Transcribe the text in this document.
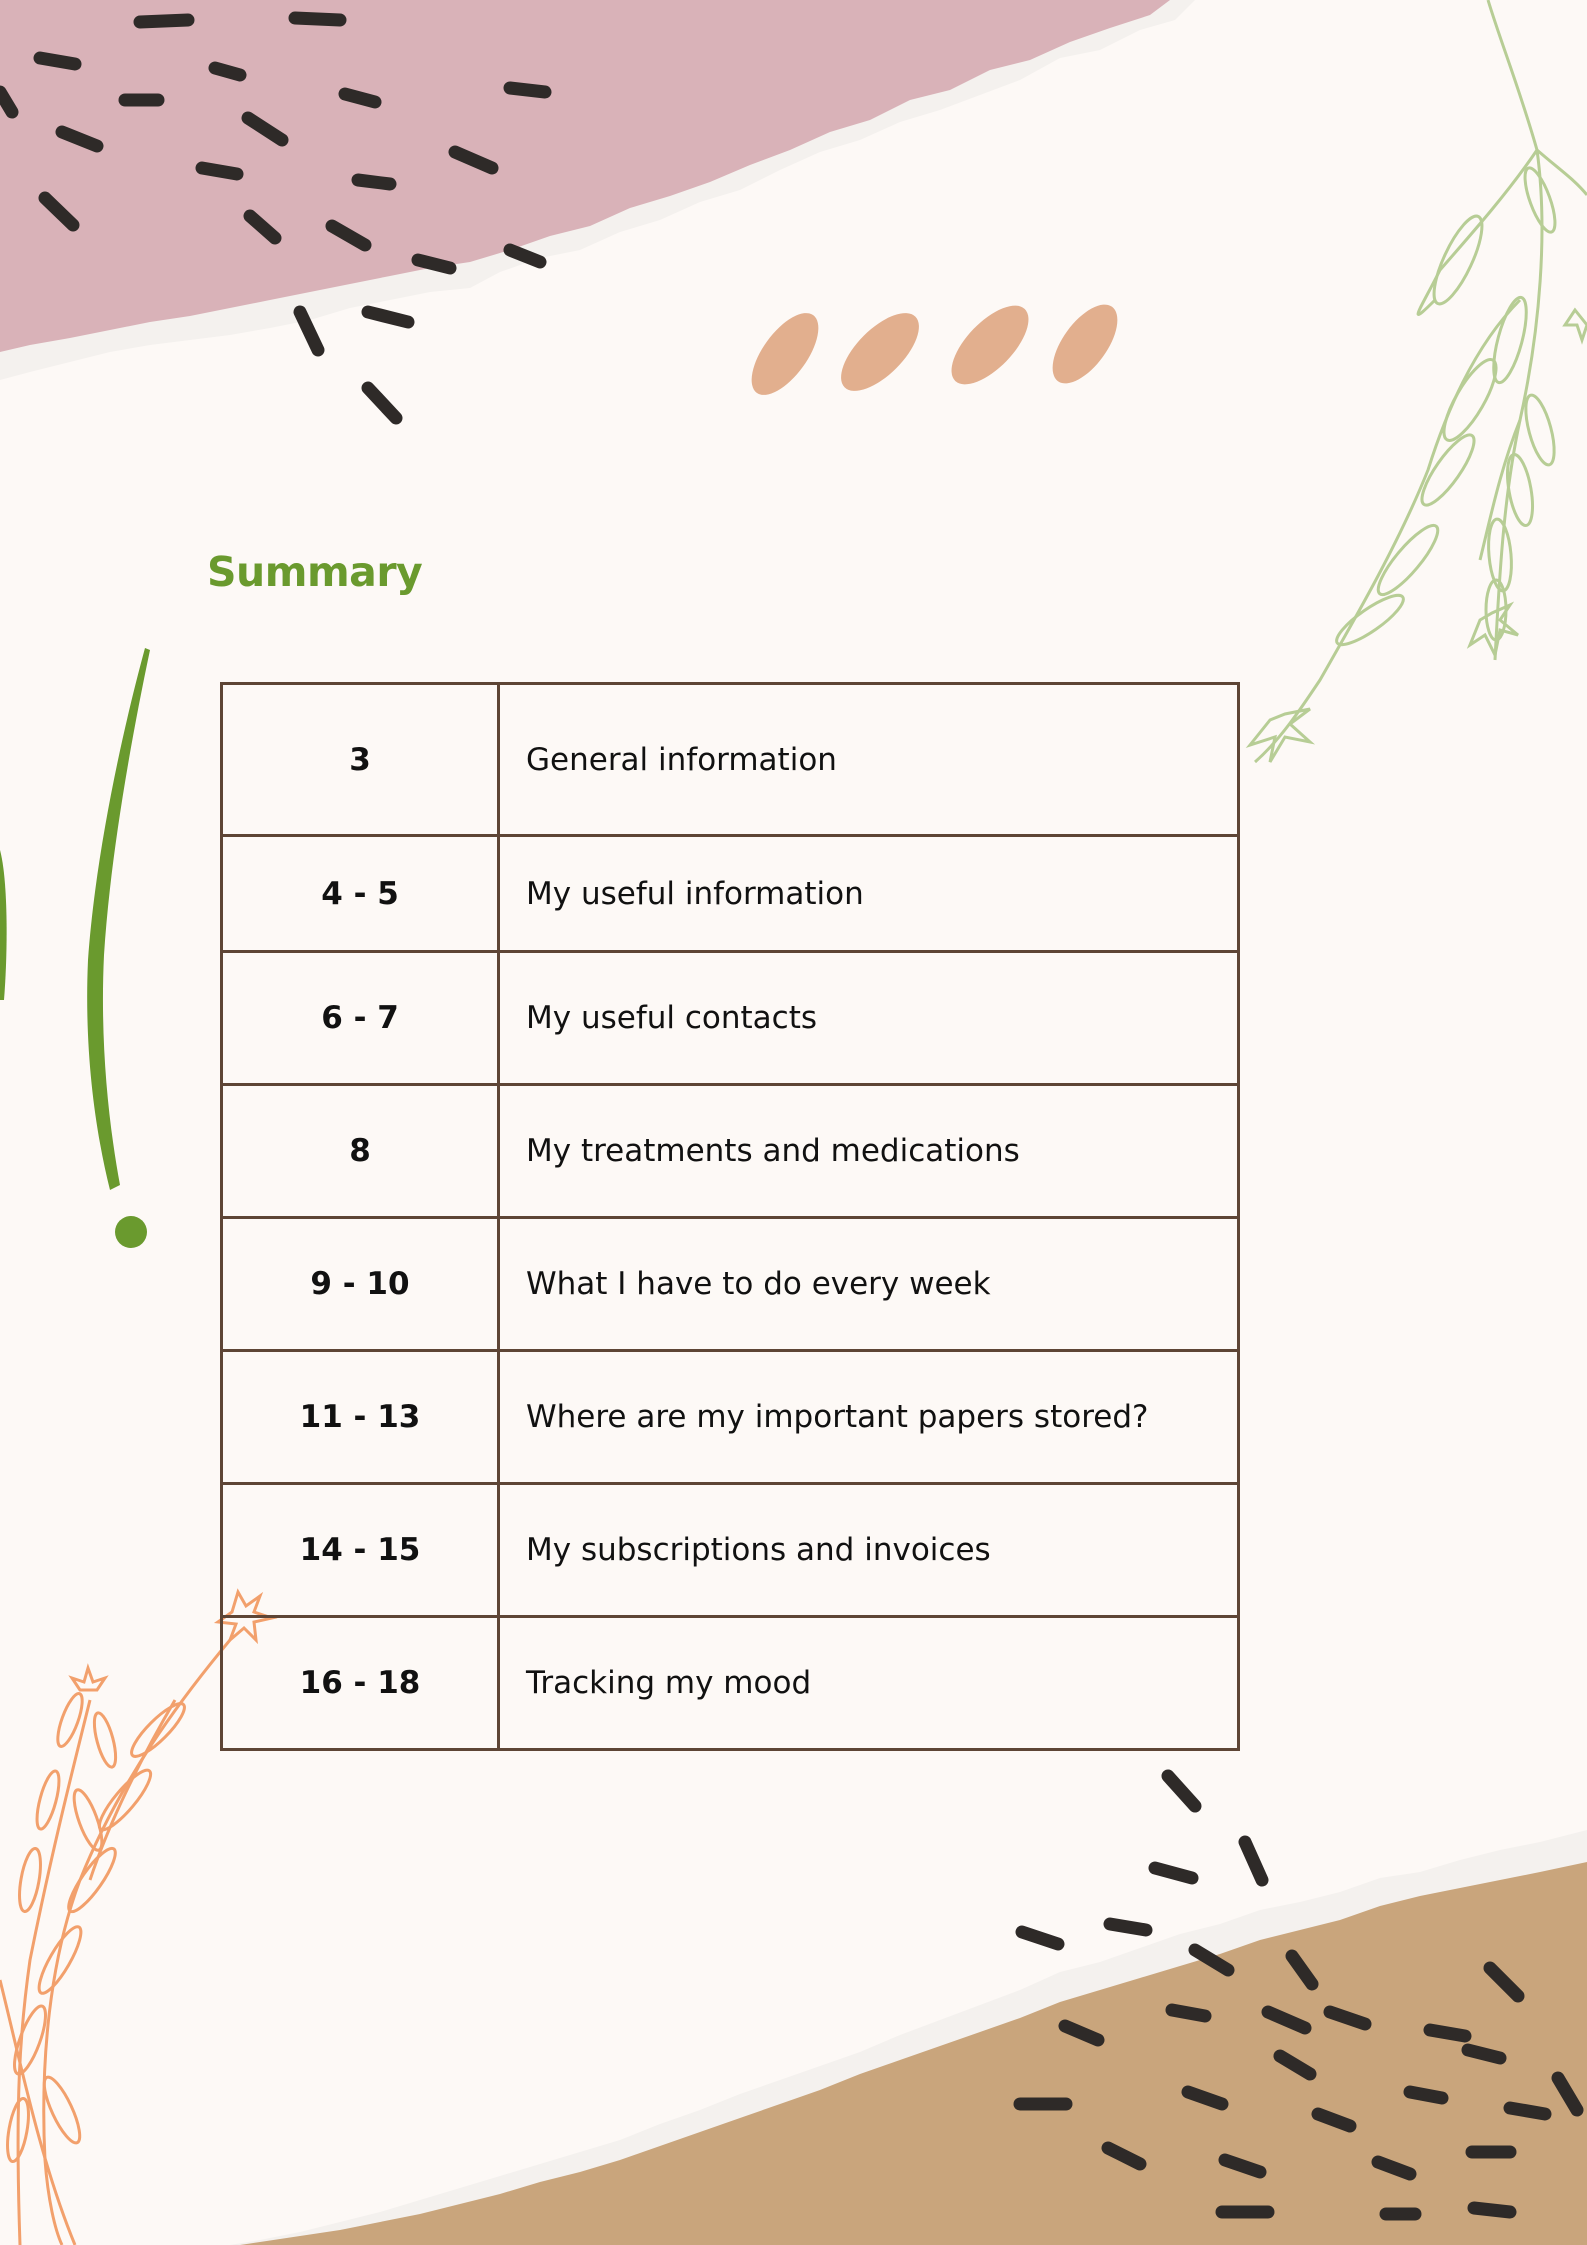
Summary
3	General information
4 - 5	My useful information
6 - 7	My useful contacts
8	My treatments and medications
9 - 10	What I have to do every week
11 - 13	Where are my important papers stored?
14 - 15	My subscriptions and invoices
16 - 18	Tracking my mood
